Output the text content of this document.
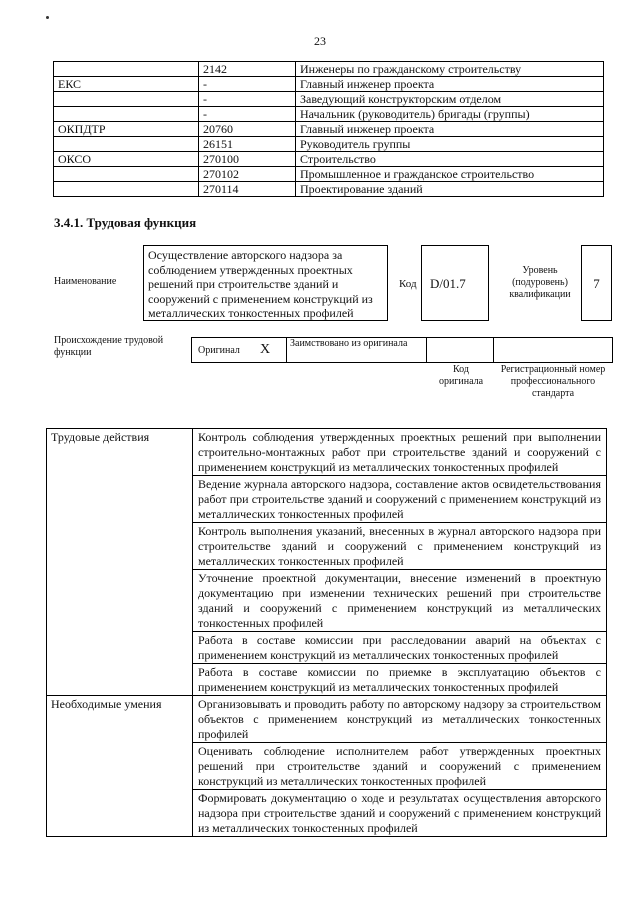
23
	2142	Инженеры по гражданскому строительству
ЕКС	-	Главный инженер проекта
	-	Заведующий конструкторским отделом
	-	Начальник (руководитель) бригады (группы)
ОКПДТР	20760	Главный инженер проекта
	26151	Руководитель группы
ОКСО	270100	Строительство
	270102	Промышленное и гражданское строительство
	270114	Проектирование зданий
3.4.1. Трудовая функция
Наименование
Осуществление авторского надзора за соблюдением утвержденных проектных решений при строительстве зданий и сооружений с применением конструкций из металлических тонкостенных профилей
Код	D/01.7
Уровень (подуровень) квалификации
7
Происхождение трудовой функции	Оригинал X Заимствовано из оригинала
Код оригинала
Регистрационный номер профессионального стандарта
Трудовые действия	Контроль соблюдения утвержденных проектных решений при выполнении строительно-монтажных работ при строительстве зданий и сооружений с применением конструкций из металлических тонкостенных профилей
	Ведение журнала авторского надзора, составление актов освидетельствования работ при строительстве зданий и сооружений с применением конструкций из металлических тонкостенных профилей
	Контроль выполнения указаний, внесенных в журнал авторского надзора при строительстве зданий и сооружений с применением конструкций из металлических тонкостенных профилей
	Уточнение проектной документации, внесение изменений в проектную документацию при изменении технических решений при строительстве зданий и сооружений с применением конструкций из металлических тонкостенных профилей
	Работа в составе комиссии при расследовании аварий на объектах с применением конструкций из металлических тонкостенных профилей
	Работа в составе комиссии по приемке в эксплуатацию объектов с применением конструкций из металлических тонкостенных профилей
Необходимые умения	Организовывать и проводить работу по авторскому надзору за строительством объектов с применением конструкций из металлических тонкостенных профилей
	Оценивать соблюдение исполнителем работ утвержденных проектных решений при строительстве зданий и сооружений с применением конструкций из металлических тонкостенных профилей
	Формировать документацию о ходе и результатах осуществления авторского надзора при строительстве зданий и сооружений с применением конструкций из металлических тонкостенных профилей
